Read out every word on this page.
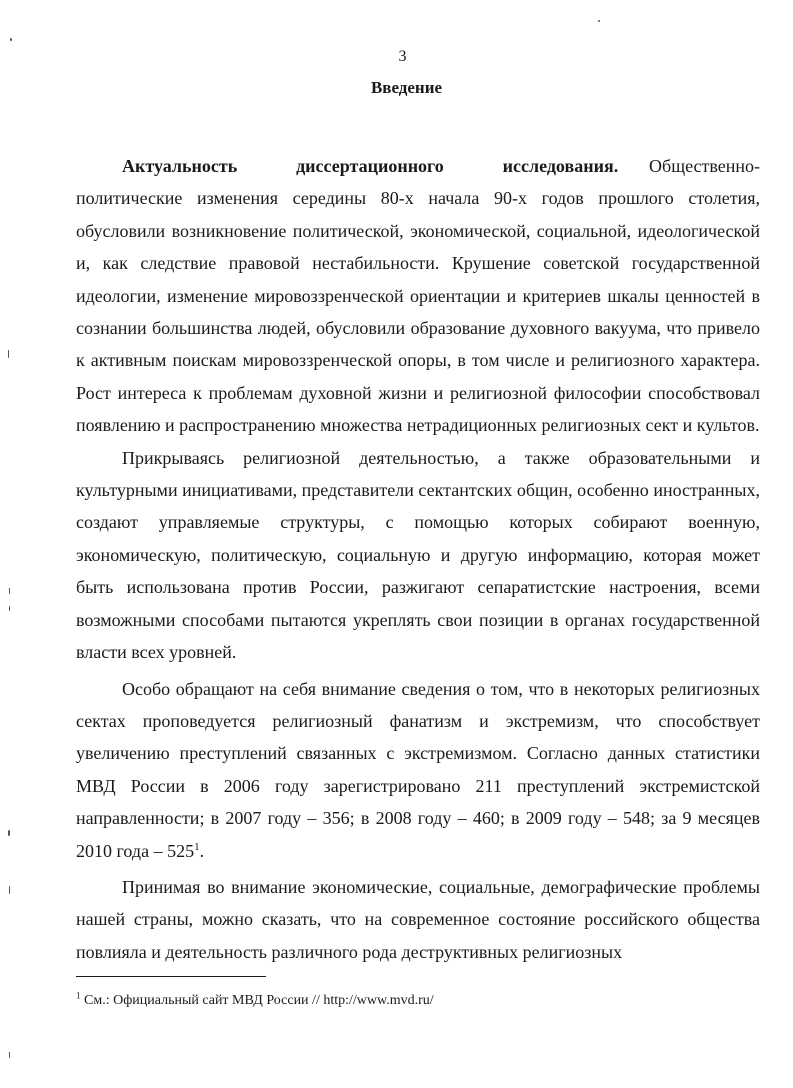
3
Введение

Актуальность диссертационного исследования. Общественно-политические изменения середины 80-х начала 90-х годов прошлого столетия, обусловили возникновение политической, экономической, социальной, идеологической и, как следствие правовой нестабильности. Крушение советской государственной идеологии, изменение мировоззренческой ориентации и критериев шкалы ценностей в сознании большинства людей, обусловили образование духовного вакуума, что привело к активным поискам мировоззренческой опоры, в том числе и религиозного характера. Рост интереса к проблемам духовной жизни и религиозной философии способствовал появлению и распространению множества нетрадиционных религиозных сект и культов.

Прикрываясь религиозной деятельностью, а также образовательными и культурными инициативами, представители сектантских общин, особенно иностранных, создают управляемые структуры, с помощью которых собирают военную, экономическую, политическую, социальную и другую информацию, которая может быть использована против России, разжигают сепаратистские настроения, всеми возможными способами пытаются укреплять свои позиции в органах государственной власти всех уровней.

Особо обращают на себя внимание сведения о том, что в некоторых религиозных сектах проповедуется религиозный фанатизм и экстремизм, что способствует увеличению преступлений связанных с экстремизмом. Согласно данных статистики МВД России в 2006 году зарегистрировано 211 преступлений экстремистской направленности; в 2007 году – 356; в 2008 году – 460; в 2009 году – 548; за 9 месяцев 2010 года – $525^1$.

Принимая во внимание экономические, социальные, демографические проблемы нашей страны, можно сказать, что на современное состояние российского общества повлияла и деятельность различного рода деструктивных религиозных

$^1$ См.: Официальный сайт МВД России // http://www.mvd.ru/
